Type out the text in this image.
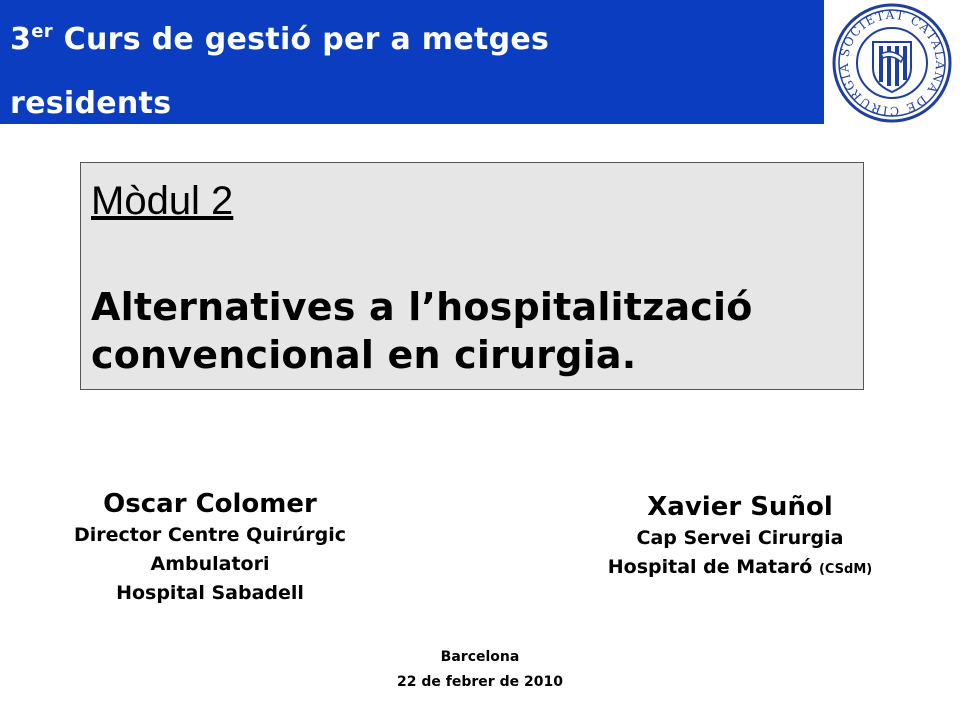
3er Curs de gestió per a metges
residents
SOCIETAT CATALANA DE CIRURGIA
Mòdul 2
Alternatives a l’hospitalització
convencional en cirurgia.
Oscar Colomer
Director Centre Quirúrgic
Ambulatori
Hospital Sabadell
Xavier Suñol
Cap Servei Cirurgia
Hospital de Mataró (CSdM)
Barcelona
22 de febrer de 2010
